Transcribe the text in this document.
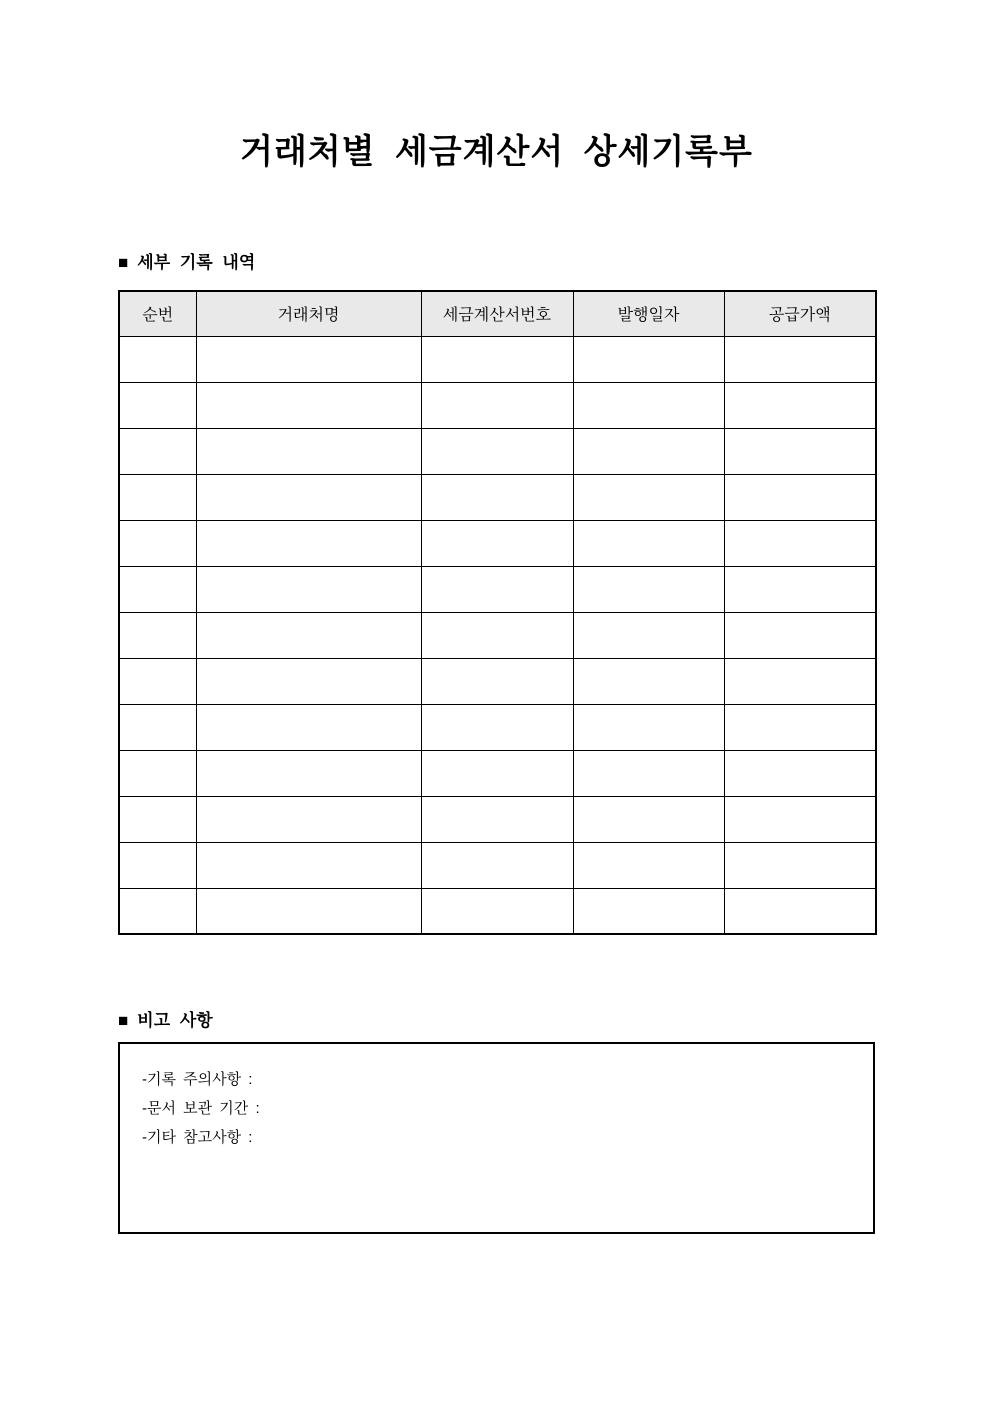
거래처별 세금계산서 상세기록부
■ 세부 기록 내역
순번	거래처명	세금계산서번호	발행일자	공급가액

■ 비고 사항
-기록 주의사항 :
-문서 보관 기간 :
-기타 참고사항 :
